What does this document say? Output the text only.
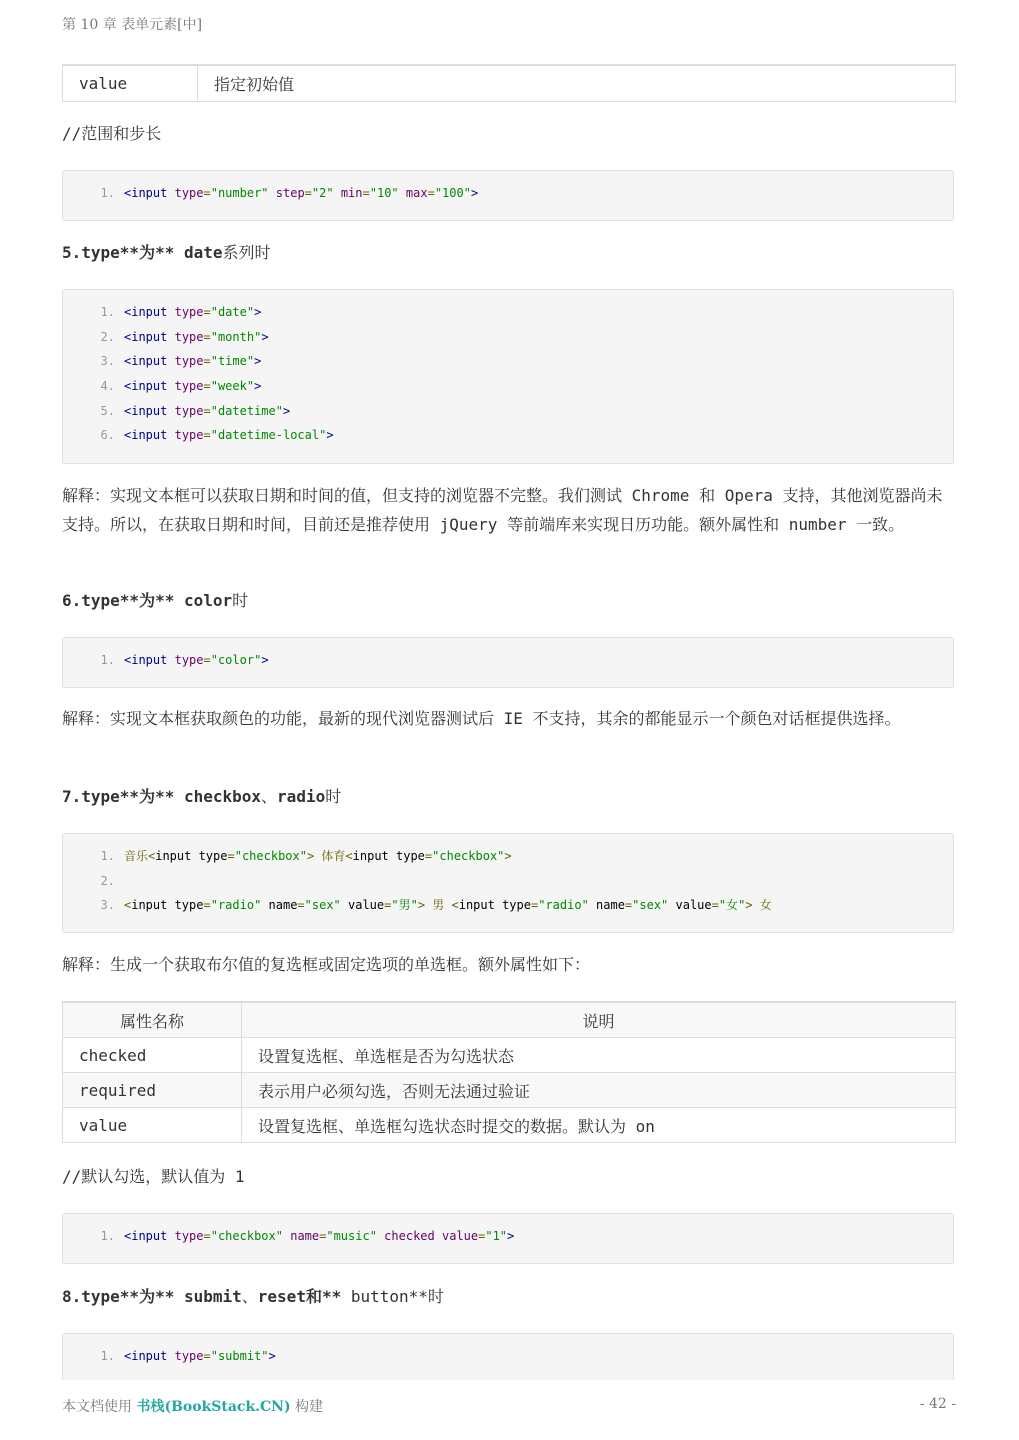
第 10 章 表单元素[中]
value	指定初始值
//范围和步长
1. <input type="number" step="2" min="10" max="100">
5.type**为** date系列时
1. <input type="date">
2. <input type="month">
3. <input type="time">
4. <input type="week">
5. <input type="datetime">
6. <input type="datetime-local">
解释：实现文本框可以获取日期和时间的值，但支持的浏览器不完整。我们测试 Chrome 和 Opera 支持，其他浏览器尚未支持。所以，在获取日期和时间，目前还是推荐使用 jQuery 等前端库来实现日历功能。额外属性和 number 一致。
6.type**为** color时
1. <input type="color">
解释：实现文本框获取颜色的功能，最新的现代浏览器测试后 IE 不支持，其余的都能显示一个颜色对话框提供选择。
7.type**为** checkbox、radio时
1. 音乐<input type="checkbox"> 体育<input type="checkbox">
2.
3. <input type="radio" name="sex" value="男"> 男 <input type="radio" name="sex" value="女"> 女
解释：生成一个获取布尔值的复选框或固定选项的单选框。额外属性如下：
属性名称	说明
checked	设置复选框、单选框是否为勾选状态
required	表示用户必须勾选，否则无法通过验证
value	设置复选框、单选框勾选状态时提交的数据。默认为 on
//默认勾选，默认值为 1
1. <input type="checkbox" name="music" checked value="1">
8.type**为** submit、reset和** button**时
1. <input type="submit">
本文档使用 书栈(BookStack.CN) 构建	- 42 -
